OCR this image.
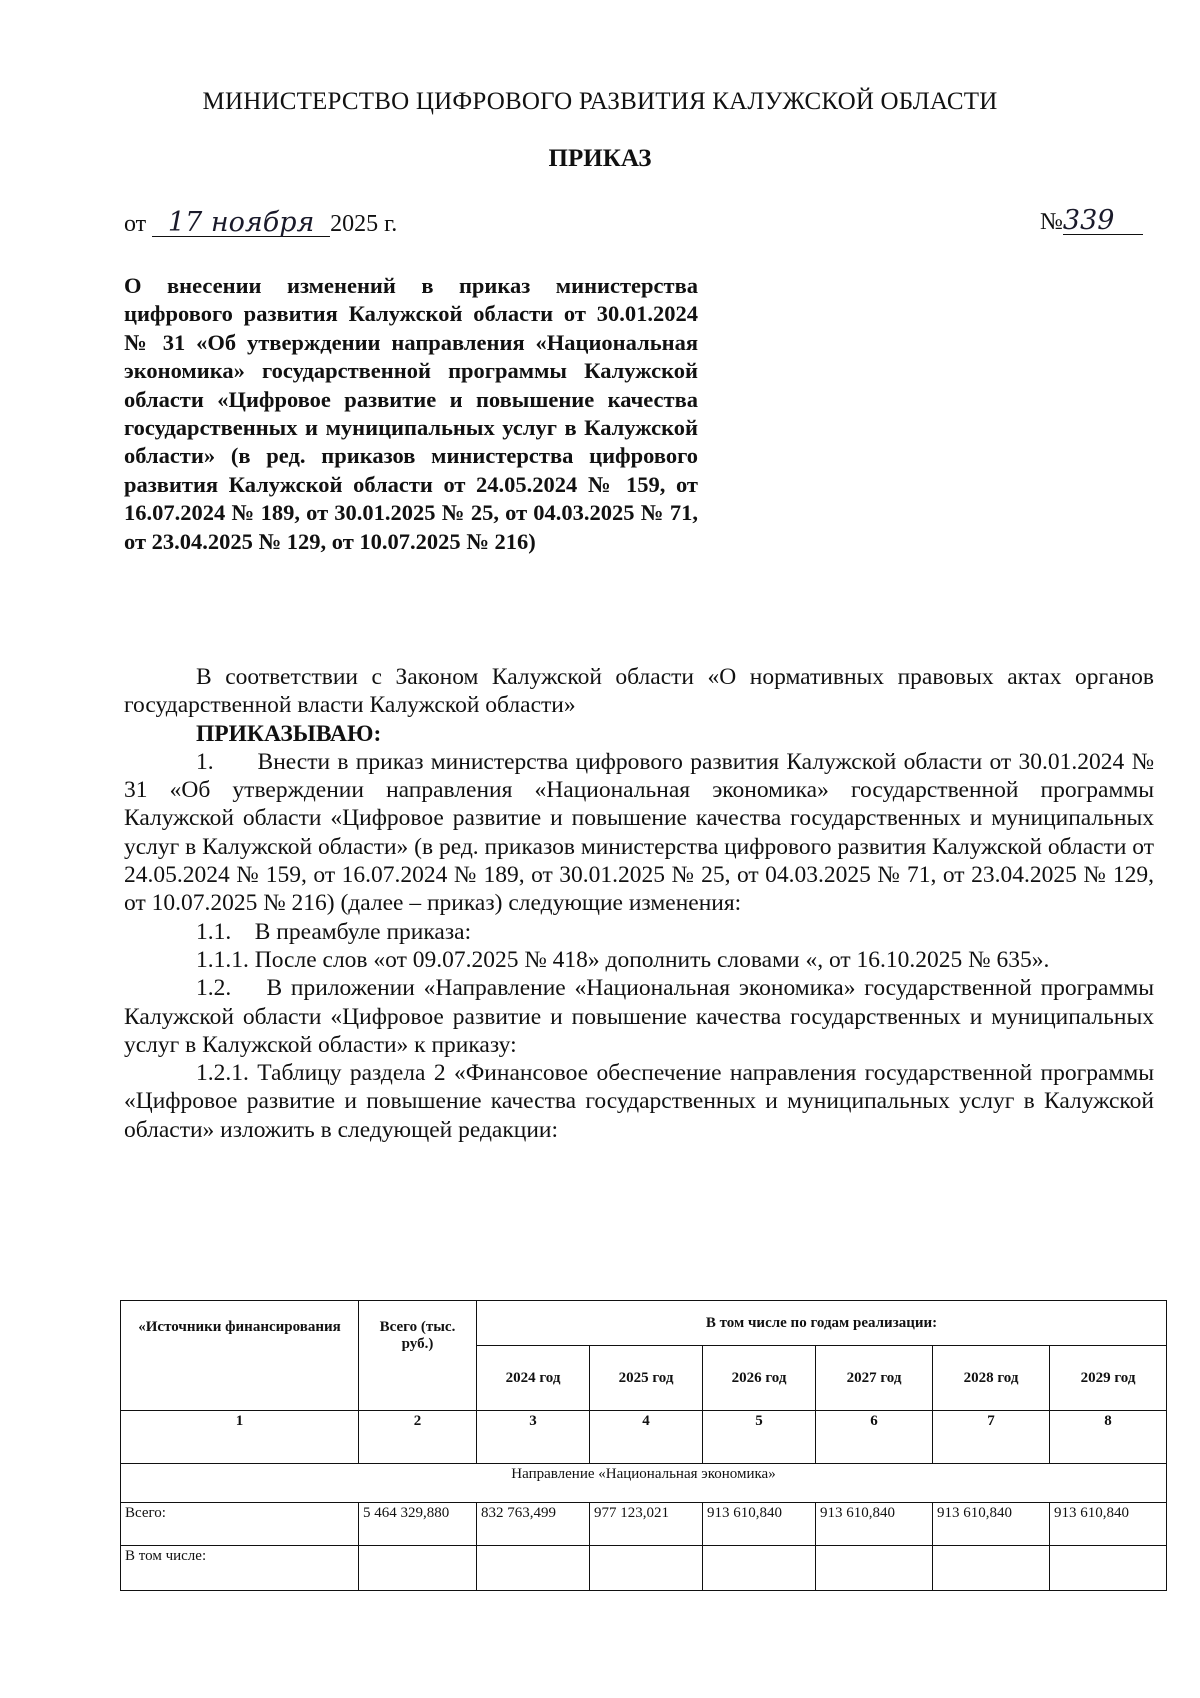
МИНИСТЕРСТВО ЦИФРОВОГО РАЗВИТИЯ КАЛУЖСКОЙ ОБЛАСТИ
ПРИКАЗ
от 17 ноября 2025 г.	№339
О внесении изменений в приказ министерства цифрового развития Калужской области от 30.01.2024 № 31 «Об утверждении направления «Национальная экономика» государственной программы Калужской области «Цифровое развитие и повышение качества государственных и муниципальных услуг в Калужской области» (в ред. приказов министерства цифрового развития Калужской области от 24.05.2024 № 159, от 16.07.2024 № 189, от 30.01.2025 № 25, от 04.03.2025 № 71, от 23.04.2025 № 129, от 10.07.2025 № 216)

В соответствии с Законом Калужской области «О нормативных правовых актах органов государственной власти Калужской области»

ПРИКАЗЫВАЮ:

1.      Внести в приказ министерства цифрового развития Калужской области от 30.01.2024 № 31 «Об утверждении направления «Национальная экономика» государственной программы Калужской области «Цифровое развитие и повышение качества государственных и муниципальных услуг в Калужской области» (в ред. приказов министерства цифрового развития Калужской области от 24.05.2024 № 159, от 16.07.2024 № 189, от 30.01.2025 № 25, от 04.03.2025 № 71, от 23.04.2025 № 129, от 10.07.2025 № 216) (далее – приказ) следующие изменения:

1.1.    В преамбуле приказа:

1.1.1. После слов «от 09.07.2025 № 418» дополнить словами «, от 16.10.2025 № 635».

1.2.    В приложении «Направление «Национальная экономика» государственной программы Калужской области «Цифровое развитие и повышение качества государственных и муниципальных услуг в Калужской области» к приказу:

1.2.1. Таблицу раздела 2 «Финансовое обеспечение направления государственной программы «Цифровое развитие и повышение качества государственных и муниципальных услуг в Калужской области» изложить в следующей редакции:

«Источники финансирования	Всего (тыс. руб.)	В том числе по годам реализации:					
		2024 год	2025 год	2026 год	2027 год	2028 год	2029 год
1	2	3	4	5	6	7	8
Направление «Национальная экономика»							
Всего:	5 464 329,880	832 763,499	977 123,021	913 610,840	913 610,840	913 610,840	913 610,840
В том числе:							
